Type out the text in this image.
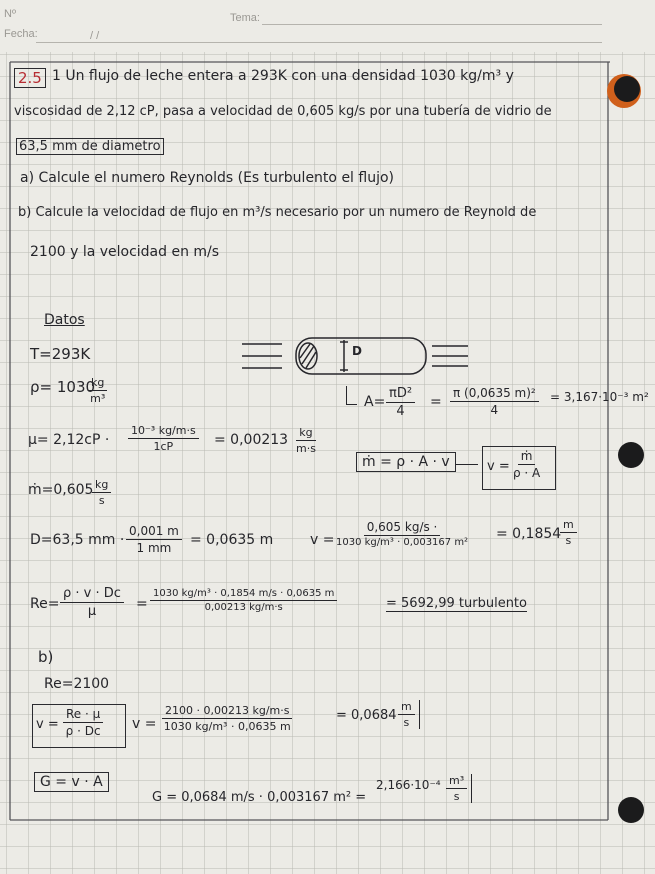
Nº	Tema:
Fecha:	/ /
2.5 1 Un flujo de leche entera a 293K con una densidad 1030 kg/m³ y
viscosidad de 2,12 cP, pasa a velocidad de 0,605 kg/s por una tubería de vidrio de
63,5 mm de diametro
a) Calcule el numero Reynolds (Es turbulento el flujo)
b) Calcule la velocidad de flujo en m³/s necesario por un numero de Reynold de
2100 y la velocidad en m/s
Datos
T=293K
ρ= 1030
$\frac{kg}{\text{m³}}$
D
$A= \frac{\text{πD²}}{4} = \frac{\text{π (0,0635 m)²}}{4} = 3,167\cdot 10^{-3}$ m²
$\mu= 2,12cP \cdot \frac{\text{10⁻³ kg/m·s}}{1cP} = 0,00213 \frac{kg}{m\cdot s}$
ṁ = ρ · A · v	$v = \frac{\text{ṁ}}{\rho \cdot A}$
ṁ=0,605
$\frac{kg}{s}$
D=63,5 mm · $\frac{0,001 m}{1 mm} = 0,0635$ m	v =
0,605 kg/s ·
1030 kg/m³ · 0,003167 m²
= 0,1854
$\frac{m}{s}$
$Re= \frac{\rho \cdot v \cdot Dc}{\mu} = \frac{\text{1030 kg/m³ · 0,1854 m/s · 0,0635 m}}{0,00213 kg/m\cdot s}$	= 5692,99 turbulento
b)
Re=2100
$v = \frac{Re \cdot \mu}{\rho \cdot Dc}$ $v = \frac{2100 \cdot 0,00213 kg/m\cdot s}{\text{1030 kg/m³ · 0,0635 m}}$	= $0,0684 \frac{m}{s}$
G = v · A
G = 0,0684 m/s · 0,003167 m² =
$2,166\cdot 10^{-4} \frac{\text{m³}}{s}$
